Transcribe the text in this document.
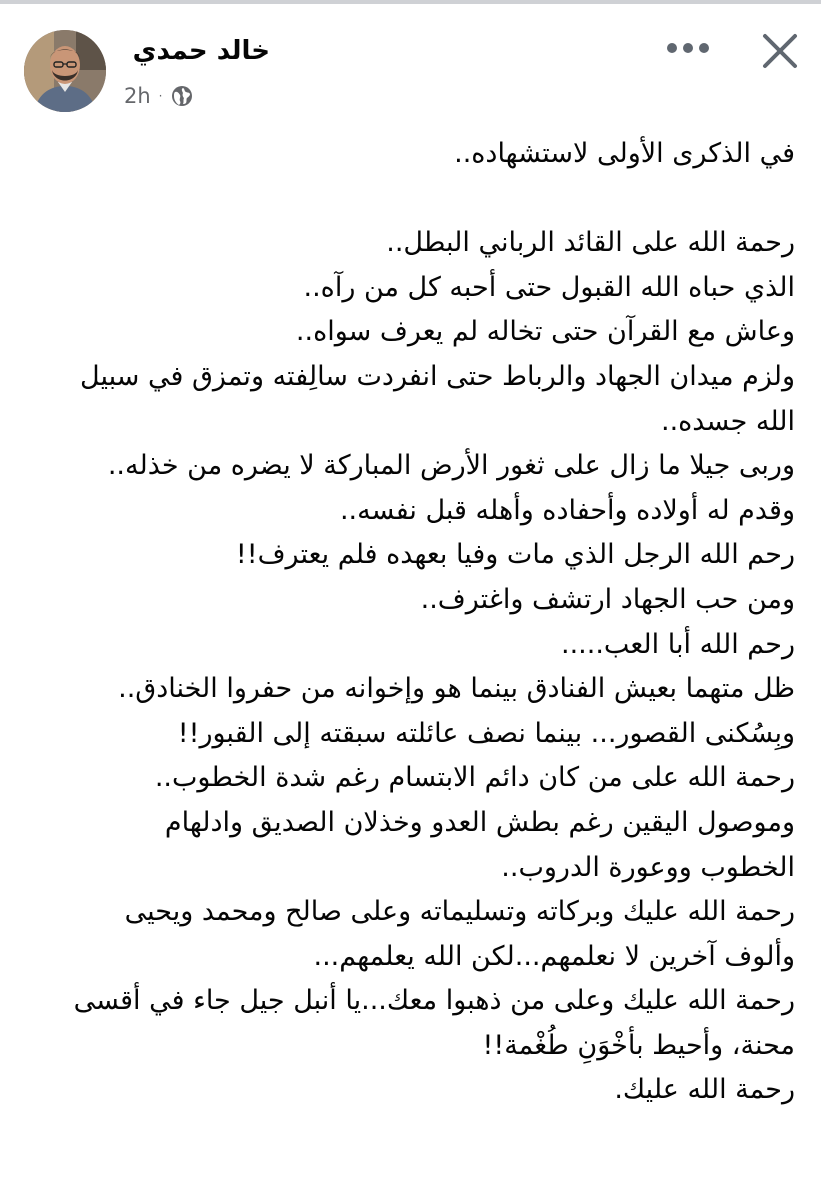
خالد حمدي
2h ·
في الذكرى الأولى لاستشهاده..
رحمة الله على القائد الرباني البطل..
الذي حباه الله القبول حتى أحبه كل من رآه..
وعاش مع القرآن حتى تخاله لم يعرف سواه..
ولزم ميدان الجهاد والرباط حتى انفردت سالِفته وتمزق في سبيل
الله جسده..
وربى جيلا ما زال على ثغور الأرض المباركة لا يضره من خذله..
وقدم له أولاده وأحفاده وأهله قبل نفسه..
رحم الله الرجل الذي مات وفيا بعهده فلم يعترف!!
ومن حب الجهاد ارتشف واغترف..
رحم الله أبا العب.....
ظل متهما بعيش الفنادق بينما هو وإخوانه من حفروا الخنادق..
وبِسُكنى القصور... بينما نصف عائلته سبقته إلى القبور!!
رحمة الله على من كان دائم الابتسام رغم شدة الخطوب..
وموصول اليقين رغم بطش العدو وخذلان الصديق وادلهام
الخطوب ووعورة الدروب..
رحمة الله عليك وبركاته وتسليماته وعلى صالح ومحمد ويحيى
وألوف آخرين لا نعلمهم...لكن الله يعلمهم...
رحمة الله عليك وعلى من ذهبوا معك...يا أنبل جيل جاء في أقسى
محنة، وأحيط بأخْوَنِ طُغْمة!!
رحمة الله عليك.
